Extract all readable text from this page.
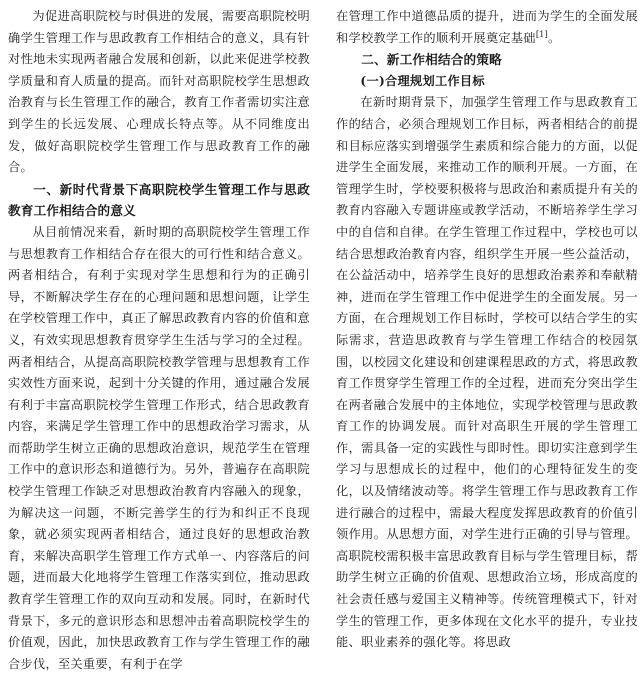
为促进高职院校与时俱进的发展，需要高职院校明确学生管理工作与思政教育工作相结合的意义，具有针对性地未实现两者融合发展和创新，以此来促进学校教学质量和育人质量的提高。而针对高职院校学生思想政治教育与长生管理工作的融合，教育工作者需切实注意到学生的长远发展、心理成长特点等。从不同维度出发，做好高职院校学生管理工作与思政教育工作的融合。

一、新时代背景下高职院校学生管理工作与思政教育工作相结合的意义

从目前情况来看，新时期的高职院校学生管理工作与思想教育工作相结合存在很大的可行性和结合意义。两者相结合，有利于实现对学生思想和行为的正确引导，不断解决学生存在的心理问题和思想问题，让学生在学校管理工作中，真正了解思政教育内容的价值和意义，有效实现思想教育贯穿学生生活与学习的全过程。两者相结合，从提高高职院校教学管理与思想教育工作实效性方面来说，起到十分关键的作用，通过融合发展有利于丰富高职院校学生管理工作形式，结合思政教育内容，来满足学生管理工作中的思想政治学习需求，从而帮助学生树立正确的思想政治意识，规范学生在管理工作中的意识形态和道德行为。另外，普遍存在高职院校学生管理工作缺乏对思想政治教育内容融入的现象，为解决这一问题，不断完善学生的行为和纠正不良现象，就必须实现两者相结合，通过良好的思想政治教育，来解决高职学生管理工作方式单一、内容落后的问题，进而最大化地将学生管理工作落实到位，推动思政教育学生管理工作的双向互动和发展。同时，在新时代背景下，多元的意识形态和思想冲击着高职院校学生的价值观，因此，加快思政教育工作与学生管理工作的融合步伐，至关重要，有利于在学

在管理工作中道德品质的提升，进而为学生的全面发展和学校教学工作的顺利开展奠定基础[1]。

二、新工作相结合的策略
(一)合理规划工作目标

在新时期背景下，加强学生管理工作与思政教育工作的结合，必须合理规划工作目标，两者相结合的前提和目标应落实到增强学生素质和综合能力的方面，以促进学生全面发展，来推动工作的顺利开展。一方面，在管理学生时，学校要积极将与思政治和素质提升有关的教育内容融入专题讲座或教学活动，不断培养学生学习中的自信和自律。在学生管理工作过程中，学校也可以结合思想政治教育内容，组织学生开展一些公益活动，在公益活动中，培养学生良好的思想政治素养和奉献精神，进而在学生管理工作中促进学生的全面发展。另一方面，在合理规划工作目标时，学校可以结合学生的实际需求，营造思政教育与学生管理工作结合的校园氛围，以校园文化建设和创建课程思政的方式，将思政教育工作贯穿学生管理工作的全过程，进而充分突出学生在两者融合发展中的主体地位，实现学校管理与思政教育工作的协调发展。而针对高职生开展的学生管理工作，需具备一定的实践性与即时性。即切实注意到学生学习与思想成长的过程中，他们的心理特征发生的变化，以及情绪波动等。将学生管理工作与思政教育工作进行融合的过程中，需最大程度发挥思政教育的价值引领作用。从思想方面，对学生进行正确的引导与管理。高职院校需积极丰富思政教育目标与学生管理目标，帮助学生树立正确的价值观、思想政治立场，形成高度的社会责任感与爱国主义精神等。传统管理模式下，针对学生的管理工作，更多体现在文化水平的提升，专业技能、职业素养的强化等。将思政
